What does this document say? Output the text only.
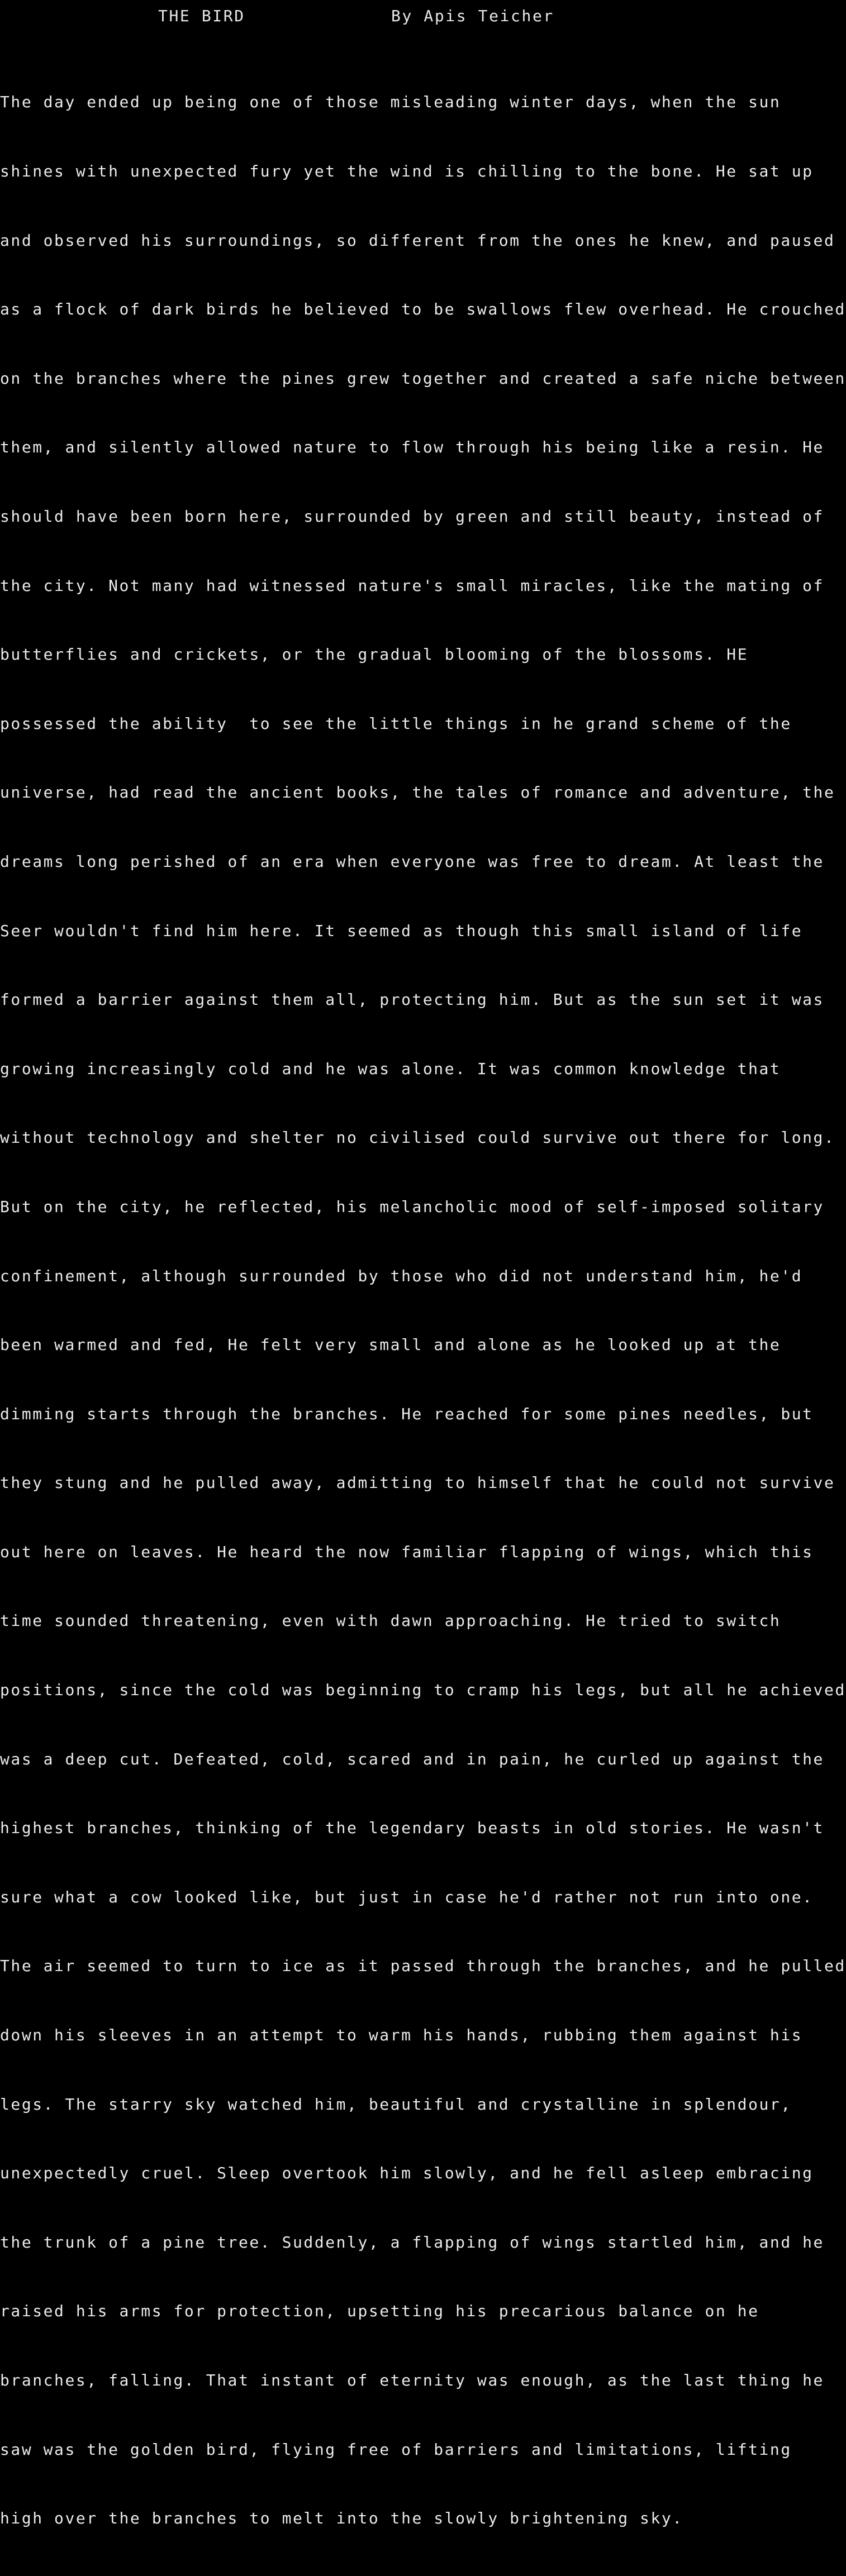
THE BIRD

	By Apis Teicher

The day ended up being one of those misleading winter days, when the sun

shines with unexpected fury yet the wind is chilling to the bone. He sat up

and observed his surroundings, so different from the ones he knew, and paused

as a flock of dark birds he believed to be swallows flew overhead. He crouched

on the branches where the pines grew together and created a safe niche between

them, and silently allowed nature to flow through his being like a resin. He

should have been born here, surrounded by green and still beauty, instead of

the city. Not many had witnessed nature's small miracles, like the mating of

butterflies and crickets, or the gradual blooming of the blossoms. HE

possessed the ability  to see the little things in he grand scheme of the

universe, had read the ancient books, the tales of romance and adventure, the

dreams long perished of an era when everyone was free to dream. At least the

Seer wouldn't find him here. It seemed as though this small island of life

formed a barrier against them all, protecting him. But as the sun set it was

growing increasingly cold and he was alone. It was common knowledge that

without technology and shelter no civilised could survive out there for long.

But on the city, he reflected, his melancholic mood of self-imposed solitary

confinement, although surrounded by those who did not understand him, he'd

been warmed and fed, He felt very small and alone as he looked up at the

dimming starts through the branches. He reached for some pines needles, but

they stung and he pulled away, admitting to himself that he could not survive

out here on leaves. He heard the now familiar flapping of wings, which this

time sounded threatening, even with dawn approaching. He tried to switch

positions, since the cold was beginning to cramp his legs, but all he achieved

was a deep cut. Defeated, cold, scared and in pain, he curled up against the

highest branches, thinking of the legendary beasts in old stories. He wasn't

sure what a cow looked like, but just in case he'd rather not run into one.

The air seemed to turn to ice as it passed through the branches, and he pulled

down his sleeves in an attempt to warm his hands, rubbing them against his

legs. The starry sky watched him, beautiful and crystalline in splendour,

unexpectedly cruel. Sleep overtook him slowly, and he fell asleep embracing

the trunk of a pine tree. Suddenly, a flapping of wings startled him, and he

raised his arms for protection, upsetting his precarious balance on he

branches, falling. That instant of eternity was enough, as the last thing he

saw was the golden bird, flying free of barriers and limitations, lifting

high over the branches to melt into the slowly brightening sky.
